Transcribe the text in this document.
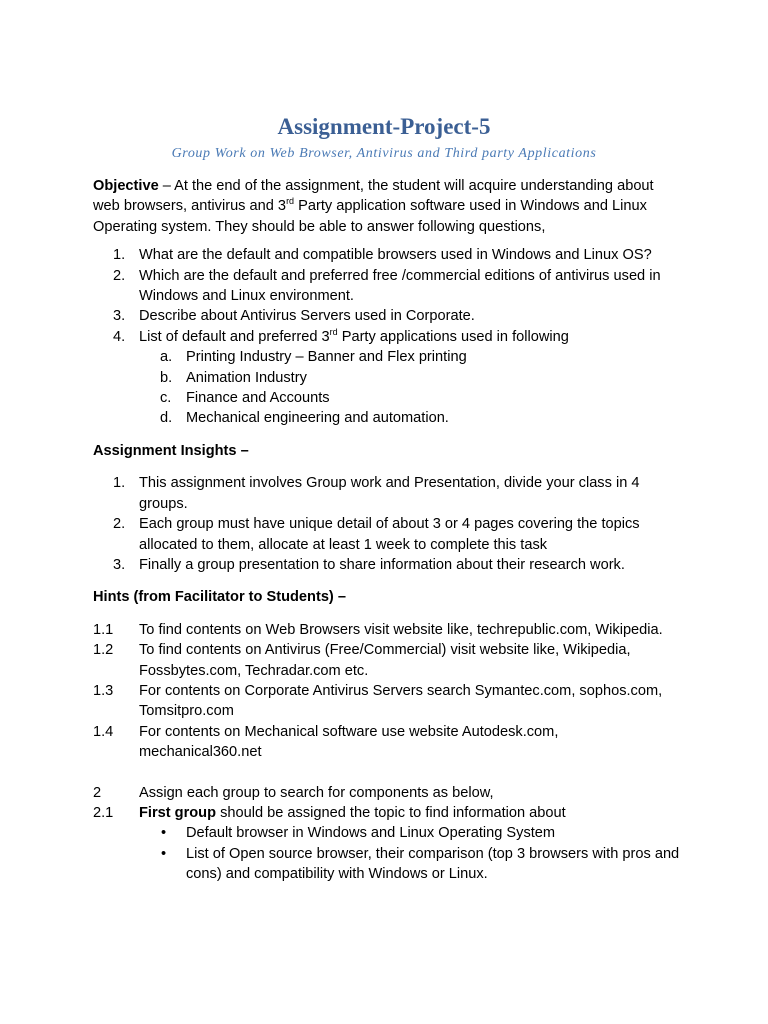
Assignment-Project-5
Group Work on Web Browser, Antivirus and Third party Applications

Objective – At the end of the assignment, the student will acquire understanding about web browsers, antivirus and 3rd Party application software used in Windows and Linux Operating system. They should be able to answer following questions,

1. What are the default and compatible browsers used in Windows and Linux OS?
2. Which are the default and preferred free /commercial editions of antivirus used in Windows and Linux environment.
3. Describe about Antivirus Servers used in Corporate.
4. List of default and preferred 3rd Party applications used in following
a. Printing Industry – Banner and Flex printing
b. Animation Industry
c. Finance and Accounts
d. Mechanical engineering and automation.

Assignment Insights –

1. This assignment involves Group work and Presentation, divide your class in 4 groups.
2. Each group must have unique detail of about 3 or 4 pages covering the topics allocated to them, allocate at least 1 week to complete this task
3. Finally a group presentation to share information about their research work.

Hints (from Facilitator to Students) –

1.1 To find contents on Web Browsers visit website like, techrepublic.com, Wikipedia.
1.2 To find contents on Antivirus (Free/Commercial) visit website like, Wikipedia, Fossbytes.com, Techradar.com etc.
1.3 For contents on Corporate Antivirus Servers search Symantec.com, sophos.com, Tomsitpro.com
1.4 For contents on Mechanical software use website Autodesk.com, mechanical360.net
2	Assign each group to search for components as below,
2.1 First group should be assigned the topic to find information about
• Default browser in Windows and Linux Operating System
• List of Open source browser, their comparison (top 3 browsers with pros and cons) and compatibility with Windows or Linux.
